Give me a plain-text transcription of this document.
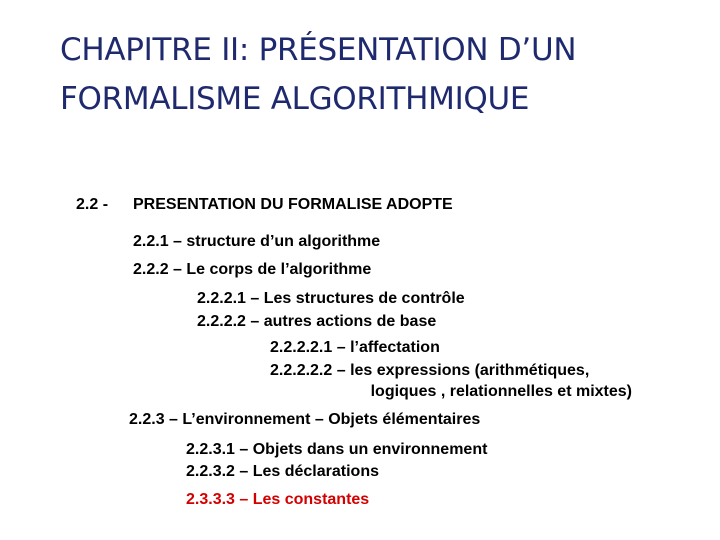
CHAPITRE II: PRÉSENTATION D’UN
FORMALISME ALGORITHMIQUE
2.2 - PRESENTATION DU FORMALISE ADOPTE
2.2.1 – structure d’un algorithme
2.2.2 – Le corps de l’algorithme
2.2.2.1 – Les structures de contrôle
2.2.2.2 – autres actions de base
2.2.2.2.1 – l’affectation
2.2.2.2.2 – les expressions (arithmétiques,
logiques , relationnelles et mixtes)
2.2.3 – L’environnement – Objets élémentaires
2.2.3.1 – Objets dans un environnement
2.2.3.2 – Les déclarations
2.3.3.3 – Les constantes
